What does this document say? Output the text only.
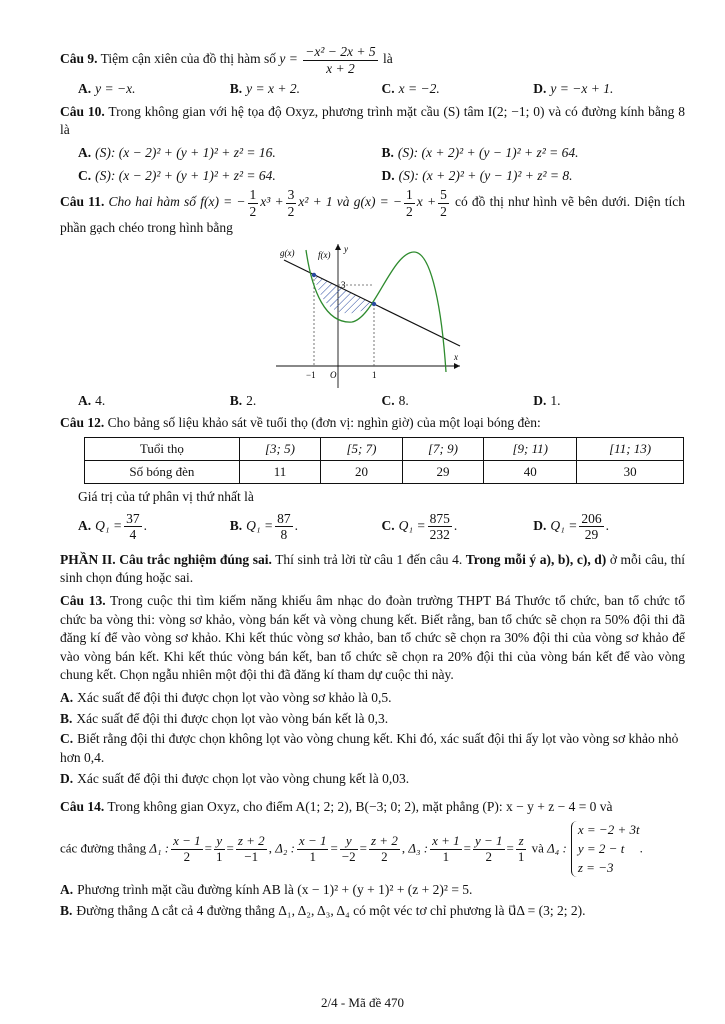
Câu 9. Tiệm cận xiên của đồ thị hàm số $y = \frac{\text{−x² − 2x + 5}}{x + 2}$ là
A. y = −x.	B. y = x + 2.	C. x = −2.	D. y = −x + 1.
Câu 10. Trong không gian với hệ tọa độ Oxyz, phương trình mặt cầu (S) tâm I(2; −1; 0) và có đường kính bằng 8 là
A. (S): (x − 2)² + (y + 1)² + z² = 16.	B. (S): (x + 2)² + (y − 1)² + z² = 64.
C. (S): (x − 2)² + (y + 1)² + z² = 64.	D. (S): (x + 2)² + (y − 1)² + z² = 8.
Câu 11. Cho hai hàm số f(x) = − $\frac{1}{2} x^3 + \frac{3}{2} x^2 + 1$ và g(x) = − $\frac{1}{2}$ $x + \frac{5}{2}$ có đồ thị như hình vẽ bên dưới. Diện tích phần gạch chéo trong hình bằng
g(x)	f(x)
y
x
3
−1 O	1
A. 4.	B. 2.	C. 8.	D. 1.
Câu 12. Cho bảng số liệu khảo sát về tuổi thọ (đơn vị: nghìn giờ) của một loại bóng đèn:
Tuổi thọ	[3; 5)	[5; 7)	[7; 9)	[9; 11)	[11; 13)
Số bóng đèn	11	20	29	40	30
Giá trị của tứ phân vị thứ nhất là
A. $Q_1 = \frac{37}{4}$ .	B. $Q_1 = \frac{87}{8}$ .	C. $Q_1 = \frac{875}{232}$ .	D. $Q_1 = \frac{206}{29}$ .
PHẦN II. Câu trắc nghiệm đúng sai. Thí sinh trả lời từ câu 1 đến câu 4. Trong mỗi ý a), b), c), d) ở mỗi câu, thí sinh chọn đúng hoặc sai.
Câu 13. Trong cuộc thi tìm kiếm năng khiếu âm nhạc do đoàn trường THPT Bá Thước tổ chức, ban tổ chức tổ chức ba vòng thi: vòng sơ khảo, vòng bán kết và vòng chung kết. Biết rằng, ban tổ chức sẽ chọn ra 50% đội thi đã đăng kí để vào vòng sơ khảo. Khi kết thúc vòng sơ khảo, ban tổ chức sẽ chọn ra 30% đội thi của vòng sơ khảo để vào vòng bán kết. Khi kết thúc vòng bán kết, ban tổ chức sẽ chọn ra 20% đội thi của vòng bán kết để vào vòng chung kết. Chọn ngẫu nhiên một đội thi đã đăng kí tham dự cuộc thi này.
A. Xác suất để đội thi được chọn lọt vào vòng sơ khảo là 0,5.
B. Xác suất để đội thi được chọn lọt vào vòng bán kết là 0,3.
C. Biết rằng đội thi được chọn không lọt vào vòng chung kết. Khi đó, xác suất đội thi ấy lọt vào vòng sơ khảo nhỏ hơn 0,4.
D. Xác suất để đội thi được chọn lọt vào vòng chung kết là 0,03.
Câu 14. Trong không gian Oxyz, cho điểm A(1; 2; 2), B(−3; 0; 2), mặt phẳng (P): x − y + z − 4 = 0 và
các đường thẳng Δ₁ : $\frac{x - 1}{2} = \frac{y}{1} = \frac{z + 2}{-1}$ , Δ₂ : $\frac{x - 1}{1} = \frac{y}{-2} = \frac{z + 2}{2}$ , Δ₃ : $\frac{x + 1}{1} = \frac{y - 1}{2} = \frac{z}{1}$ và Δ₄ :
x = −2 + 3t
y = 2 − t
z = −3
.
A. Phương trình mặt cầu đường kính AB là (x − 1)² + (y + 1)² + (z + 2)² = 5.
B. Đường thẳng Δ cắt cả 4 đường thẳng Δ₁, Δ₂, Δ₃, Δ₄ có một véc tơ chỉ phương là u⃗Δ = (3; 2; 2).
2/4 - Mã đề 470
